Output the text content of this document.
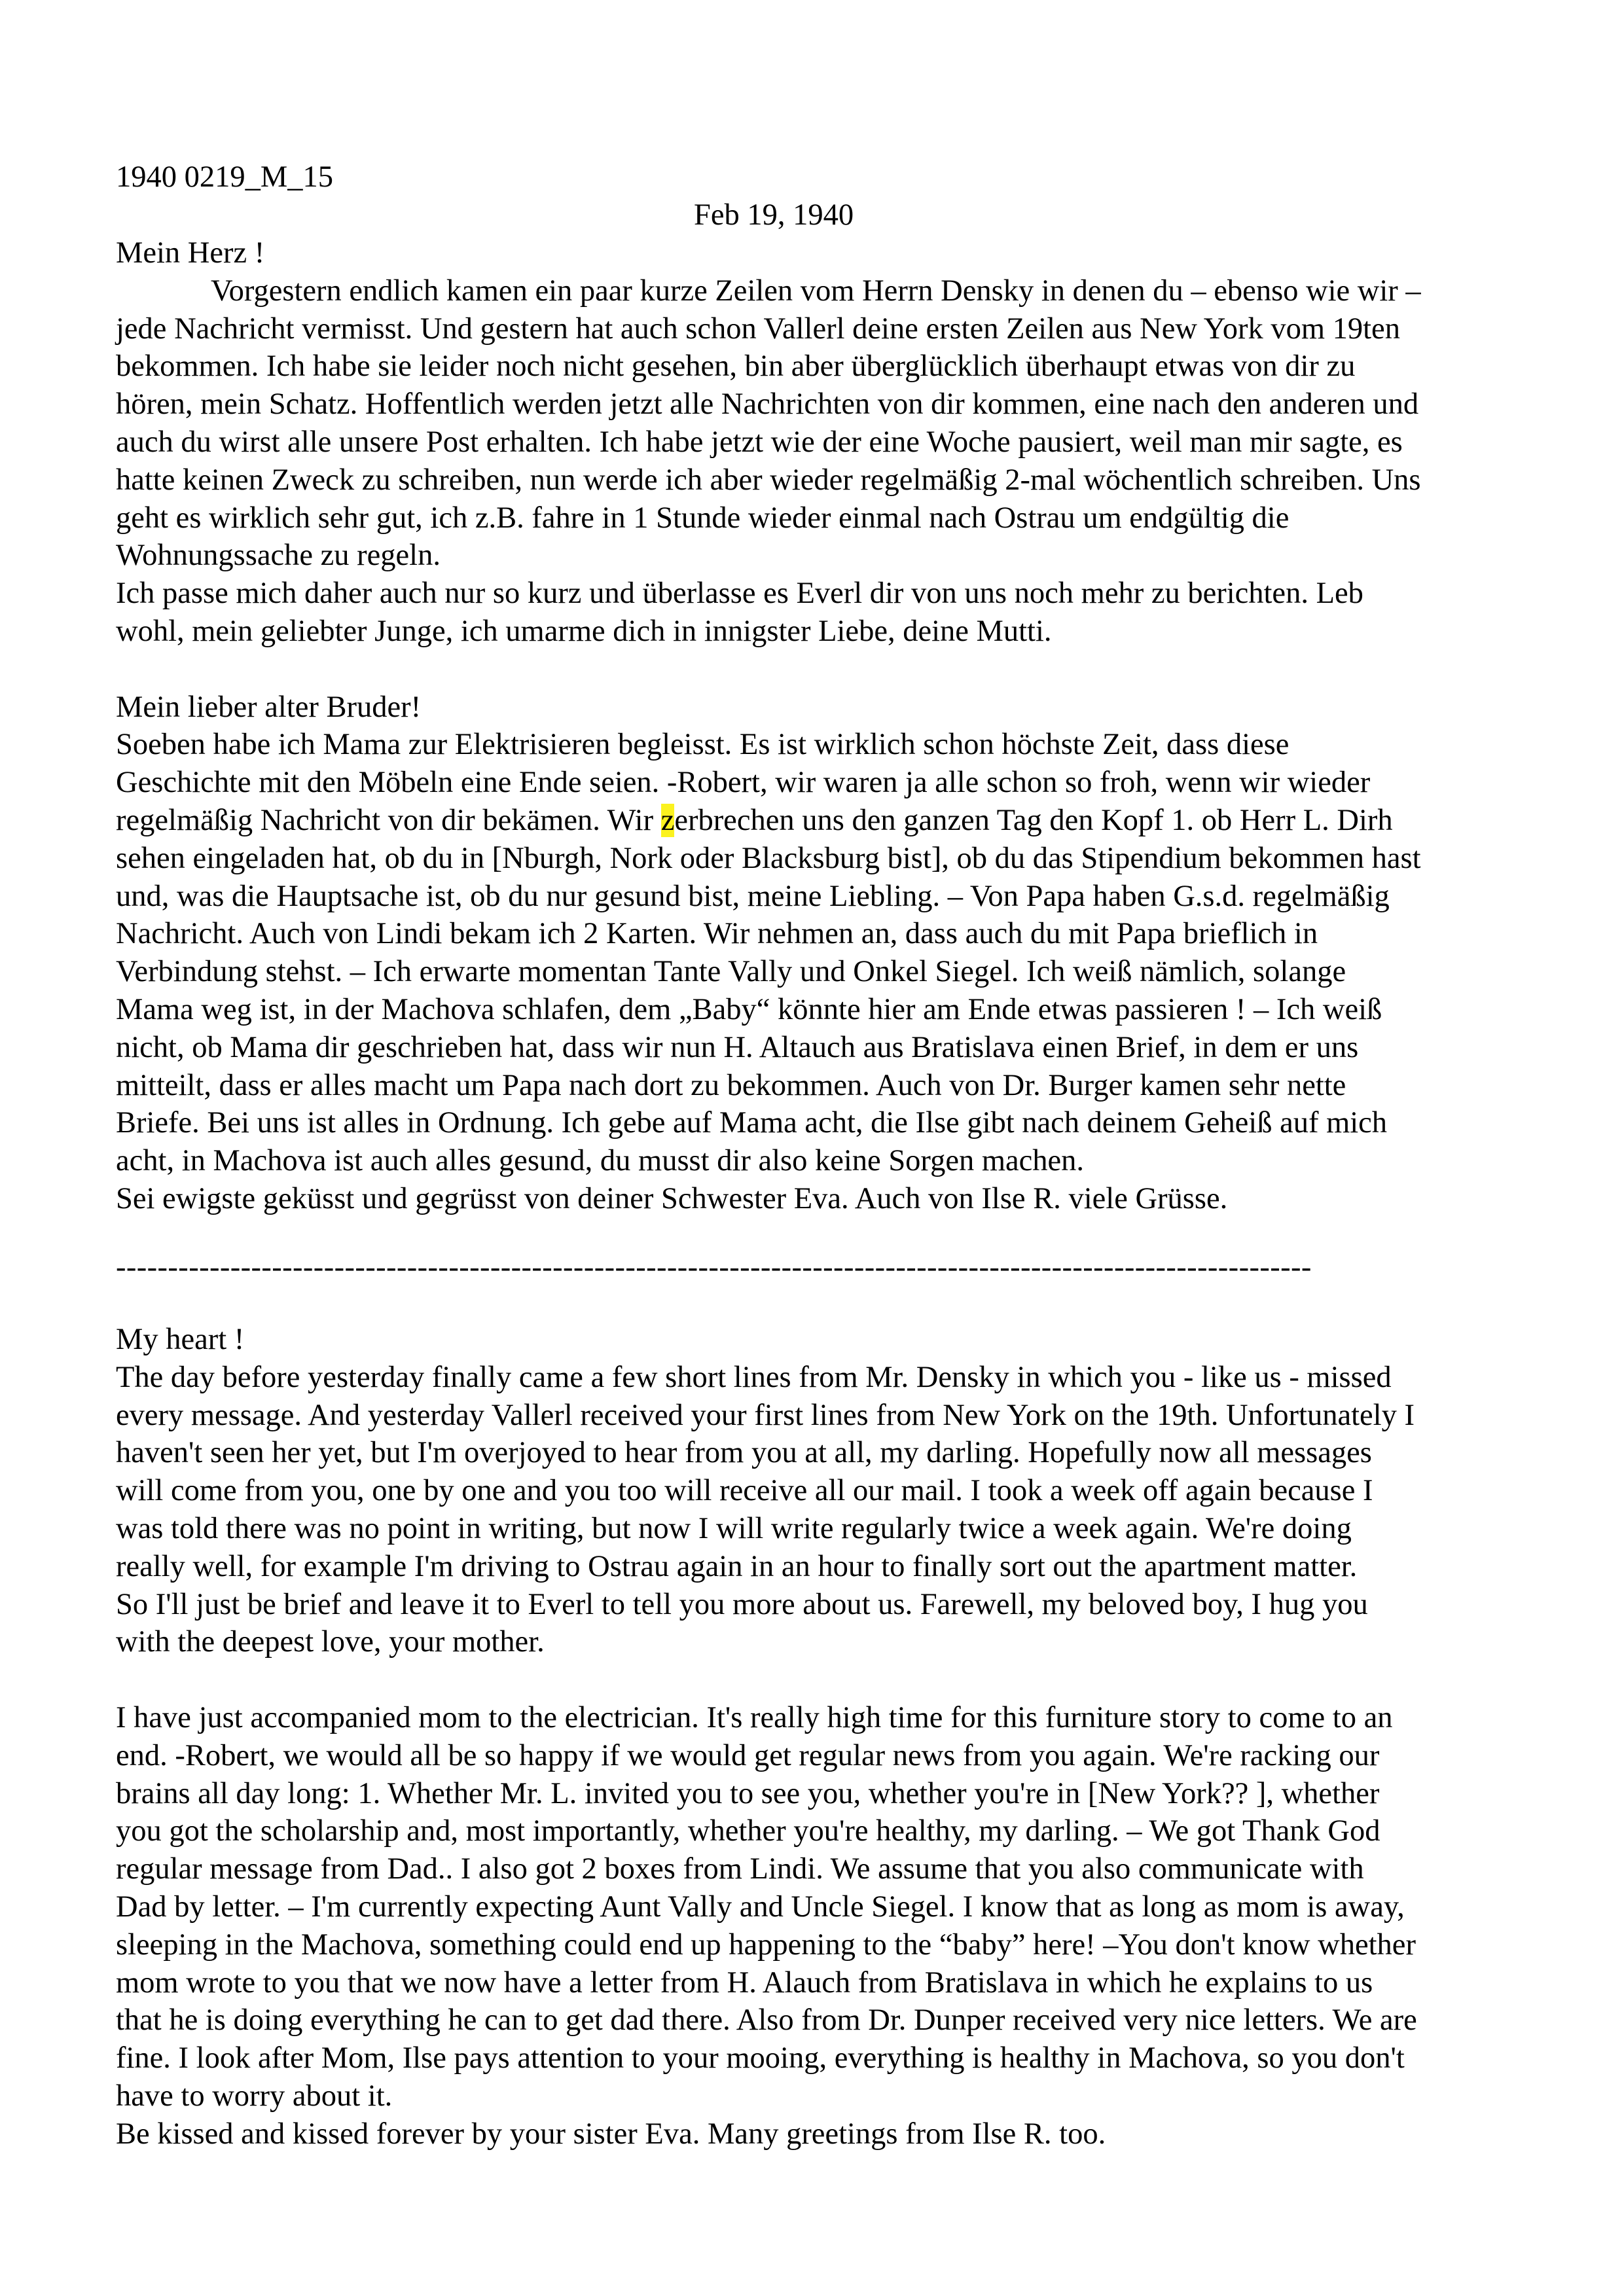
1940 0219_M_15
Feb 19, 1940
Mein Herz !
Vorgestern endlich kamen ein paar kurze Zeilen vom Herrn Densky in denen du – ebenso wie wir –
jede Nachricht vermisst. Und gestern hat auch schon Vallerl deine ersten Zeilen aus New York vom 19ten
bekommen. Ich habe sie leider noch nicht gesehen, bin aber überglücklich überhaupt etwas von dir zu
hören, mein Schatz. Hoffentlich werden jetzt alle Nachrichten von dir kommen, eine nach den anderen und
auch du wirst alle unsere Post erhalten. Ich habe jetzt wie der eine Woche pausiert, weil man mir sagte, es
hatte keinen Zweck zu schreiben, nun werde ich aber wieder regelmäßig 2-mal wöchentlich schreiben. Uns
geht es wirklich sehr gut, ich z.B. fahre in 1 Stunde wieder einmal nach Ostrau um endgültig die
Wohnungssache zu regeln.
Ich passe mich daher auch nur so kurz und überlasse es Everl dir von uns noch mehr zu berichten. Leb
wohl, mein geliebter Junge, ich umarme dich in innigster Liebe, deine Mutti.
Mein lieber alter Bruder!
Soeben habe ich Mama zur Elektrisieren begleisst. Es ist wirklich schon höchste Zeit, dass diese
Geschichte mit den Möbeln eine Ende seien. -Robert, wir waren ja alle schon so froh, wenn wir wieder
regelmäßig Nachricht von dir bekämen. Wir zerbrechen uns den ganzen Tag den Kopf 1. ob Herr L. Dirh
sehen eingeladen hat, ob du in [Nburgh, Nork oder Blacksburg bist], ob du das Stipendium bekommen hast
und, was die Hauptsache ist, ob du nur gesund bist, meine Liebling. – Von Papa haben G.s.d. regelmäßig
Nachricht. Auch von Lindi bekam ich 2 Karten. Wir nehmen an, dass auch du mit Papa brieflich in
Verbindung stehst. – Ich erwarte momentan Tante Vally und Onkel Siegel. Ich weiß nämlich, solange
Mama weg ist, in der Machova schlafen, dem „Baby“ könnte hier am Ende etwas passieren ! – Ich weiß
nicht, ob Mama dir geschrieben hat, dass wir nun H. Altauch aus Bratislava einen Brief, in dem er uns
mitteilt, dass er alles macht um Papa nach dort zu bekommen. Auch von Dr. Burger kamen sehr nette
Briefe. Bei uns ist alles in Ordnung. Ich gebe auf Mama acht, die Ilse gibt nach deinem Geheiß auf mich
acht, in Machova ist auch alles gesund, du musst dir also keine Sorgen machen.
Sei ewigste geküsst und gegrüsst von deiner Schwester Eva. Auch von Ilse R. viele Grüsse.
-------------------------------------------------------------------------------------------------------------------
My heart !
The day before yesterday finally came a few short lines from Mr. Densky in which you - like us - missed
every message. And yesterday Vallerl received your first lines from New York on the 19th. Unfortunately I
haven't seen her yet, but I'm overjoyed to hear from you at all, my darling. Hopefully now all messages
will come from you, one by one and you too will receive all our mail. I took a week off again because I
was told there was no point in writing, but now I will write regularly twice a week again. We're doing
really well, for example I'm driving to Ostrau again in an hour to finally sort out the apartment matter.
So I'll just be brief and leave it to Everl to tell you more about us. Farewell, my beloved boy, I hug you
with the deepest love, your mother.
I have just accompanied mom to the electrician. It's really high time for this furniture story to come to an
end. -Robert, we would all be so happy if we would get regular news from you again. We're racking our
brains all day long: 1. Whether Mr. L. invited you to see you, whether you're in [New York?? ], whether
you got the scholarship and, most importantly, whether you're healthy, my darling. – We got Thank God
regular message from Dad.. I also got 2 boxes from Lindi. We assume that you also communicate with
Dad by letter. – I'm currently expecting Aunt Vally and Uncle Siegel. I know that as long as mom is away,
sleeping in the Machova, something could end up happening to the “baby” here! –You don't know whether
mom wrote to you that we now have a letter from H. Alauch from Bratislava in which he explains to us
that he is doing everything he can to get dad there. Also from Dr. Dunper received very nice letters. We are
fine. I look after Mom, Ilse pays attention to your mooing, everything is healthy in Machova, so you don't
have to worry about it.
Be kissed and kissed forever by your sister Eva. Many greetings from Ilse R. too.
